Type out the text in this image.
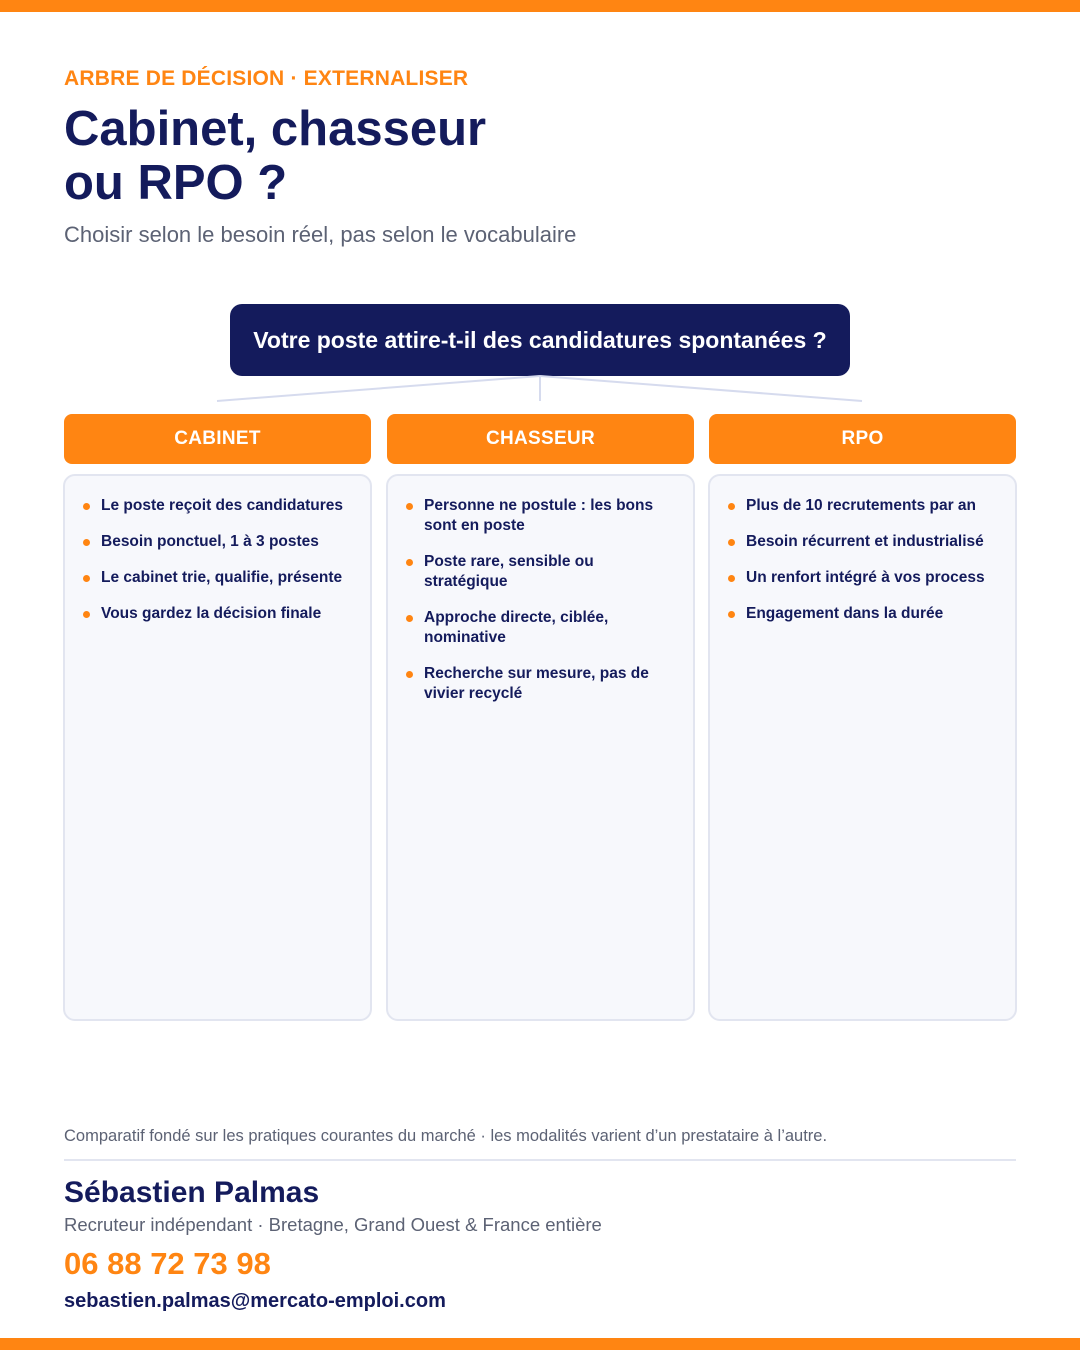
ARBRE DE DÉCISION · EXTERNALISER
Cabinet, chasseur
ou RPO ?
Choisir selon le besoin réel, pas selon le vocabulaire
Votre poste attire-t-il des candidatures spontanées ?
CABINET
Le poste reçoit des candidatures
Besoin ponctuel, 1 à 3 postes
Le cabinet trie, qualifie, présente
Vous gardez la décision finale
CHASSEUR
Personne ne postule : les bons sont en poste
Poste rare, sensible ou stratégique
Approche directe, ciblée, nominative
Recherche sur mesure, pas de vivier recyclé
RPO
Plus de 10 recrutements par an
Besoin récurrent et industrialisé
Un renfort intégré à vos process
Engagement dans la durée
Comparatif fondé sur les pratiques courantes du marché · les modalités varient d’un prestataire à l’autre.
Sébastien Palmas
Recruteur indépendant · Bretagne, Grand Ouest & France entière
06 88 72 73 98
sebastien.palmas@mercato-emploi.com
